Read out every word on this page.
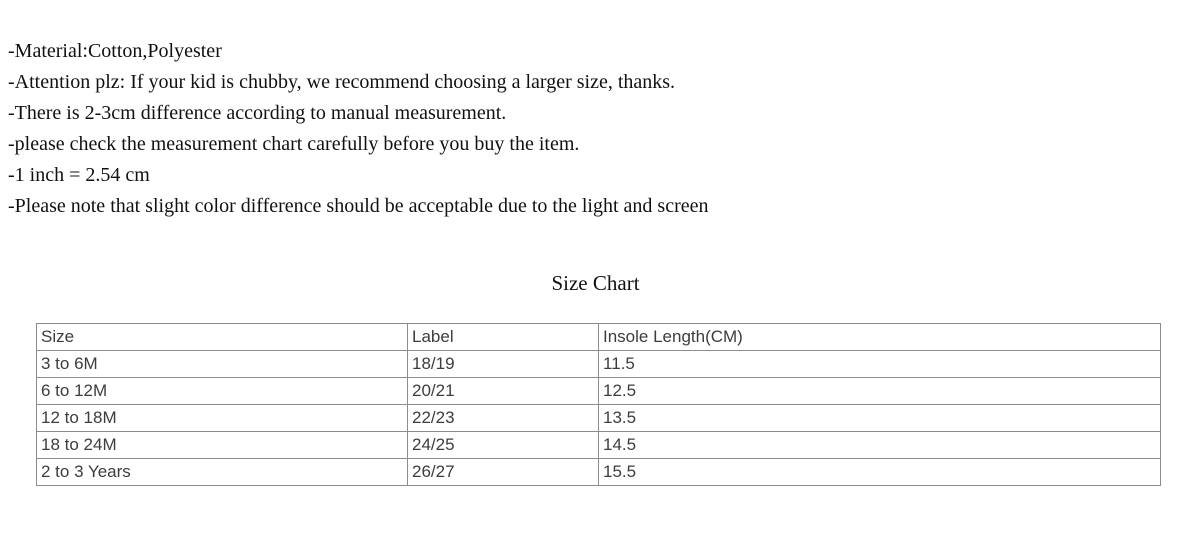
-Material:Cotton,Polyester
-Attention plz: If your kid is chubby, we recommend choosing a larger size, thanks.
-There is 2-3cm difference according to manual measurement.
-please check the measurement chart carefully before you buy the item.
-1 inch = 2.54 cm
-Please note that slight color difference should be acceptable due to the light and screen
Size Chart
Size	Label	Insole Length(CM)
3 to 6M	18/19	11.5
6 to 12M	20/21	12.5
12 to 18M	22/23	13.5
18 to 24M	24/25	14.5
2 to 3 Years	26/27	15.5
